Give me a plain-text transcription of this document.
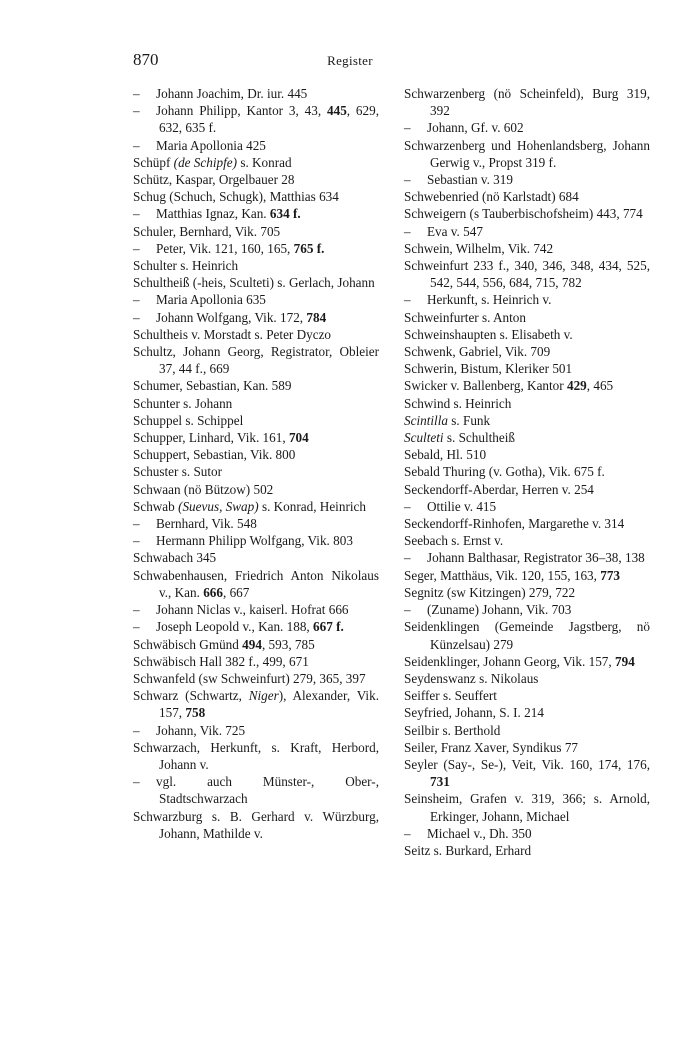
870	Register

– Johann Joachim, Dr. iur. 445

– Johann Philipp, Kantor 3, 43, 445, 629, 632, 635 f.

– Maria Apollonia 425

Schüpf (de Schipfe) s. Konrad

Schütz, Kaspar, Orgelbauer 28

Schug (Schuch, Schugk), Matthias 634

– Matthias Ignaz, Kan. 634 f.

Schuler, Bernhard, Vik. 705

– Peter, Vik. 121, 160, 165, 765 f.

Schulter s. Heinrich

Schultheiß (-heis, Sculteti) s. Gerlach, Johann

– Maria Apollonia 635

– Johann Wolfgang, Vik. 172, 784

Schultheis v. Morstadt s. Peter Dyczo

Schultz, Johann Georg, Registrator, Obleier 37, 44 f., 669

Schumer, Sebastian, Kan. 589

Schunter s. Johann

Schuppel s. Schippel

Schupper, Linhard, Vik. 161, 704

Schuppert, Sebastian, Vik. 800

Schuster s. Sutor

Schwaan (nö Bützow) 502

Schwab (Suevus, Swap) s. Konrad, Heinrich

– Bernhard, Vik. 548

– Hermann Philipp Wolfgang, Vik. 803

Schwabach 345

Schwabenhausen, Friedrich Anton Nikolaus v., Kan. 666, 667

– Johann Niclas v., kaiserl. Hofrat 666

– Joseph Leopold v., Kan. 188, 667 f.

Schwäbisch Gmünd 494, 593, 785

Schwäbisch Hall 382 f., 499, 671

Schwanfeld (sw Schweinfurt) 279, 365, 397

Schwarz (Schwartz, Niger), Alexander, Vik. 157, 758

– Johann, Vik. 725

Schwarzach, Herkunft, s. Kraft, Herbord, Johann v.

– vgl. auch Münster-, Ober-, Stadtschwarzach

Schwarzburg s. B. Gerhard v. Würzburg, Johann, Mathilde v.

Schwarzenberg (nö Scheinfeld), Burg 319, 392

– Johann, Gf. v. 602

Schwarzenberg und Hohenlandsberg, Johann Gerwig v., Propst 319 f.

– Sebastian v. 319

Schwebenried (nö Karlstadt) 684

Schweigern (s Tauberbischofsheim) 443, 774

– Eva v. 547

Schwein, Wilhelm, Vik. 742

Schweinfurt 233 f., 340, 346, 348, 434, 525, 542, 544, 556, 684, 715, 782

– Herkunft, s. Heinrich v.

Schweinfurter s. Anton

Schweinshaupten s. Elisabeth v.

Schwenk, Gabriel, Vik. 709

Schwerin, Bistum, Kleriker 501

Swicker v. Ballenberg, Kantor 429, 465

Schwind s. Heinrich

Scintilla s. Funk

Sculteti s. Schultheiß

Sebald, Hl. 510

Sebald Thuring (v. Gotha), Vik. 675 f.

Seckendorff-Aberdar, Herren v. 254

– Ottilie v. 415

Seckendorff-Rinhofen, Margarethe v. 314

Seebach s. Ernst v.

– Johann Balthasar, Registrator 36–38, 138

Seger, Matthäus, Vik. 120, 155, 163, 773

Segnitz (sw Kitzingen) 279, 722

– (Zuname) Johann, Vik. 703

Seidenklingen (Gemeinde Jagstberg, nö Künzelsau) 279

Seidenklinger, Johann Georg, Vik. 157, 794

Seydenswanz s. Nikolaus

Seiffer s. Seuffert

Seyfried, Johann, S. I. 214

Seilbir s. Berthold

Seiler, Franz Xaver, Syndikus 77

Seyler (Say-, Se-), Veit, Vik. 160, 174, 176, 731

Seinsheim, Grafen v. 319, 366; s. Arnold, Erkinger, Johann, Michael

– Michael v., Dh. 350

Seitz s. Burkard, Erhard
